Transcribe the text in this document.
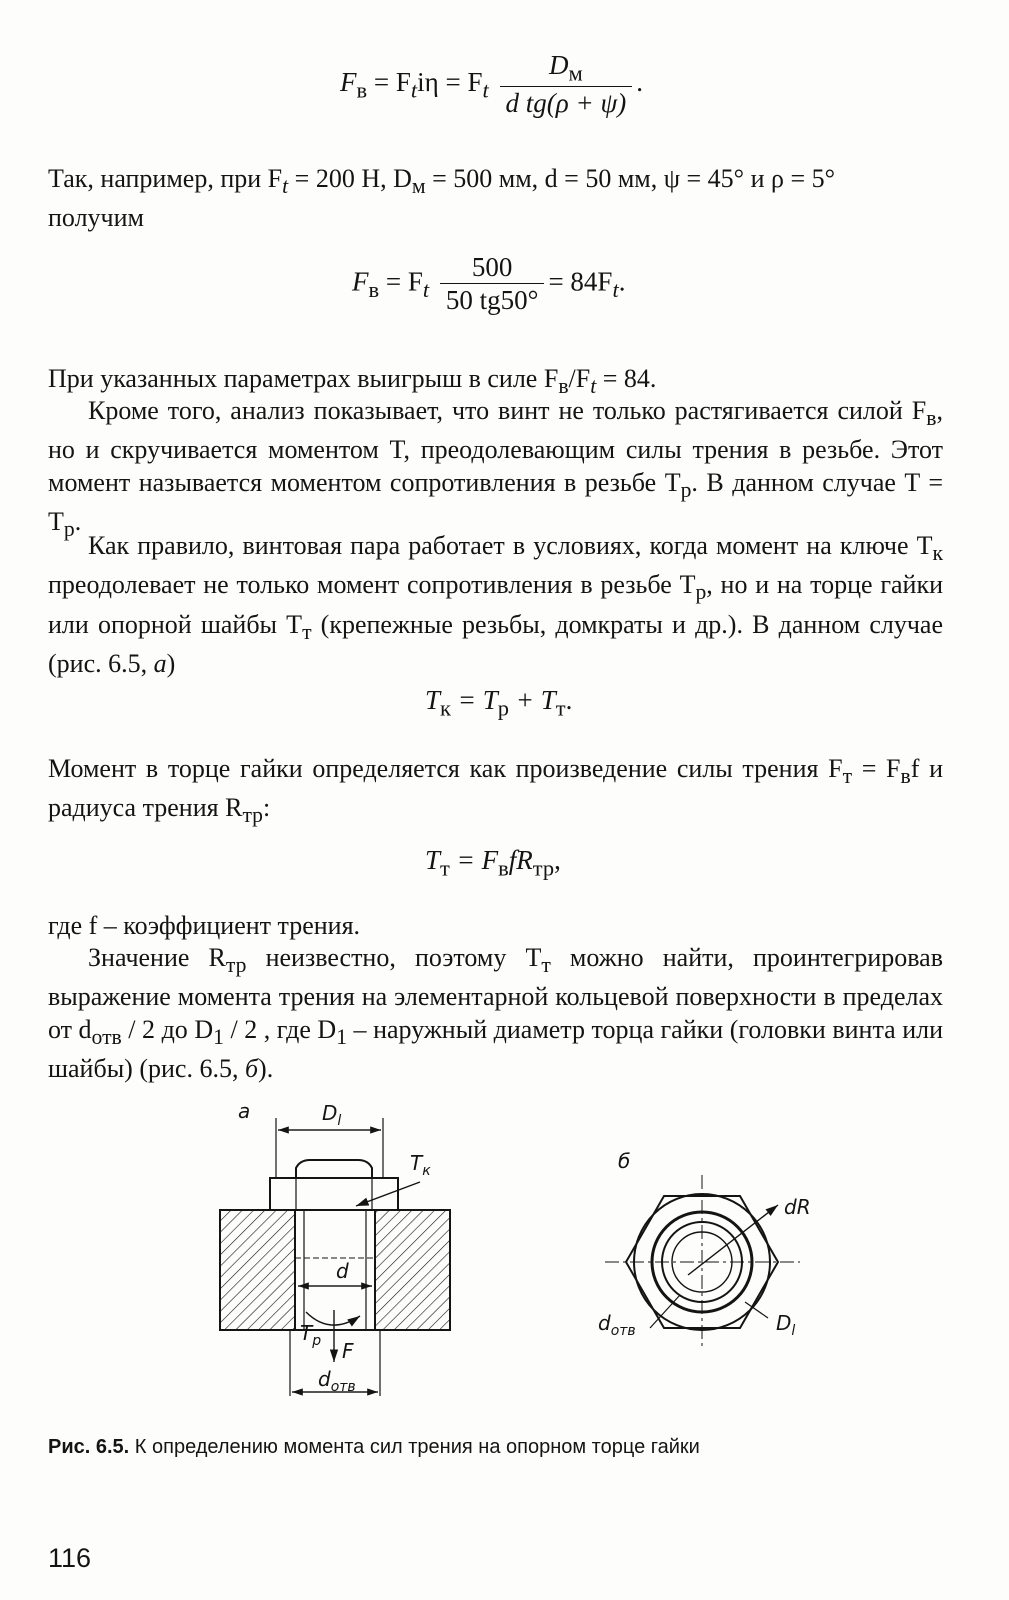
$F_в = F_ti\eta = F_t \frac{D_м}{\text{d tg(ρ + ψ)}}$ .
Так, например, при $F_t = 200$ Н, $D_м = 500$ мм, d = 50 мм, ψ = 45° и ρ = 5°
получим
$F_в = F_t \frac{500}{50 tg50^\circ} = 84F_t$.

При указанных параметрах выигрыш в силе $F_в/F_t = 84$.

Кроме того, анализ показывает, что винт не только растягивается силой $F_в$, но и скручивается моментом T, преодолевающим силы трения в резьбе. Этот момент называется моментом сопротивления в резьбе $T_р$. В данном случае $T = T_р$.

Как правило, винтовая пара работает в условиях, когда момент на ключе $T_к$ преодолевает не только момент сопротивления в резьбе $T_р$, но и на торце гайки или опорной шайбы $T_т$ (крепежные резьбы, домкраты и др.). В данном случае (рис. 6.5, а)

$T_к = T_р + T_т$.

Момент в торце гайки определяется как произведение силы трения $F_т = F_вf$ и радиуса трения $R_{тр}$:

$T_т = F_вfR_{тр}$,

где f – коэффициент трения.

Значение $R_{тр}$ неизвестно, поэтому $T_т$ можно найти, проинтегрировав выражение момента трения на элементарной кольцевой поверхности в пределах от $d_{отв} / 2$ до $D_1 / 2$ , где $D_1$ – наружный диаметр торца гайки (головки винта или шайбы) (рис. 6.5, б).

а	$D_l$
$T_к$
d
$T_р$ F
$d_{отв}$
б
dR
$d_{отв}$	$D_l$
Рис. 6.5. К определению момента сил трения на опорном торце гайки
116
